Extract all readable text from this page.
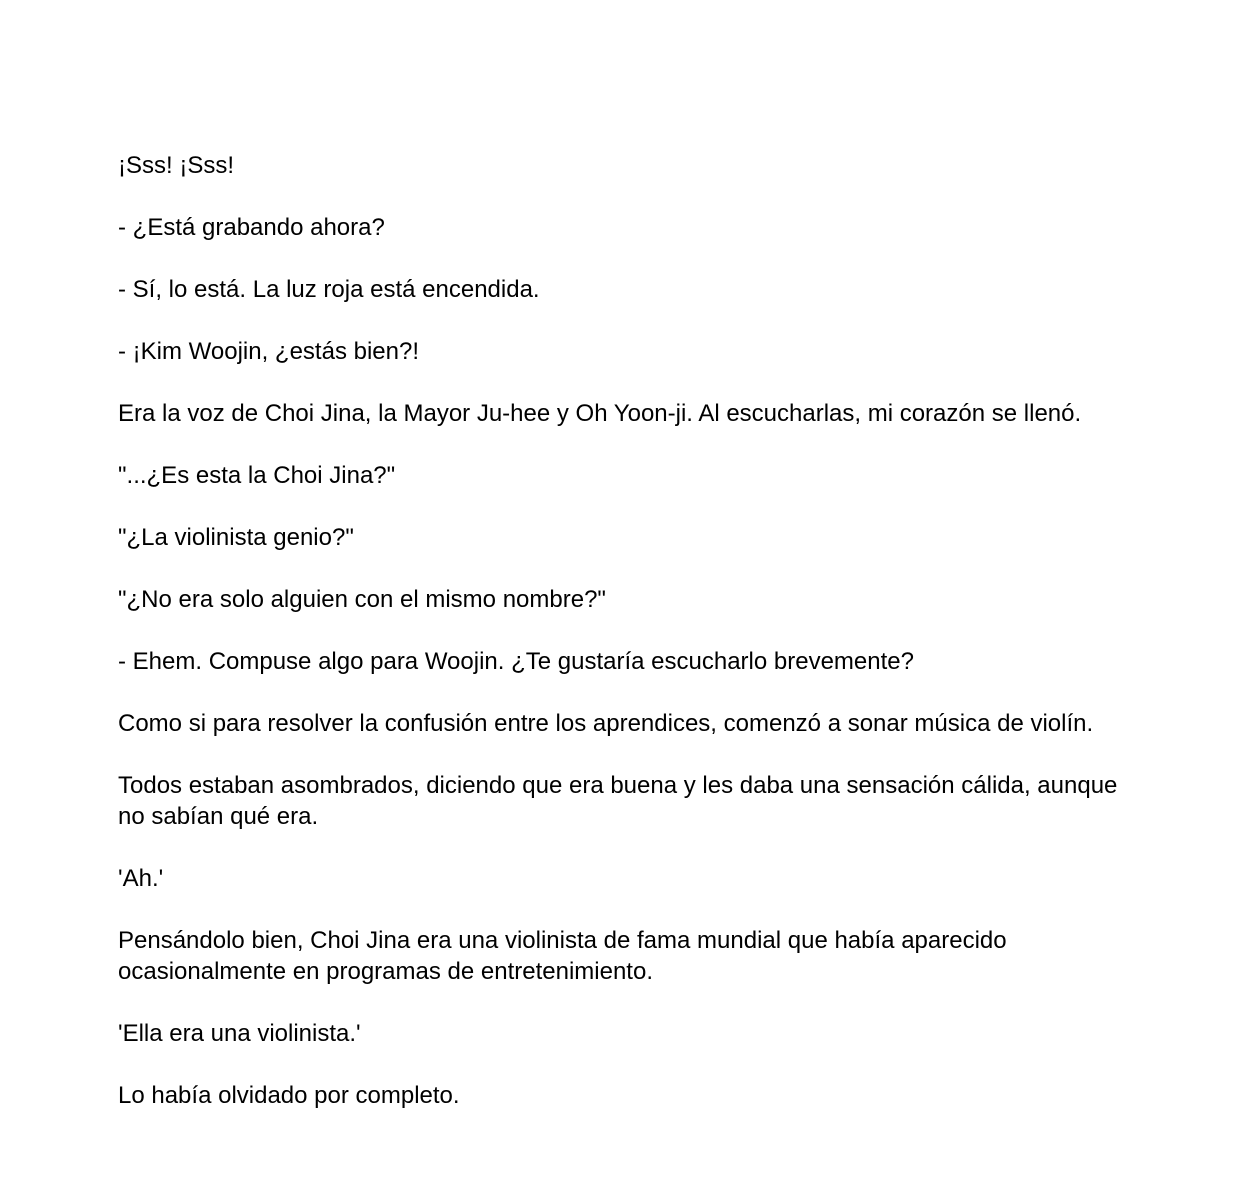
¡Sss! ¡Sss!

- ¿Está grabando ahora?

- Sí, lo está. La luz roja está encendida.

- ¡Kim Woojin, ¿estás bien?!

Era la voz de Choi Jina, la Mayor Ju-hee y Oh Yoon-ji. Al escucharlas, mi corazón se llenó.

"...¿Es esta la Choi Jina?"

"¿La violinista genio?"

"¿No era solo alguien con el mismo nombre?"

- Ehem. Compuse algo para Woojin. ¿Te gustaría escucharlo brevemente?

Como si para resolver la confusión entre los aprendices, comenzó a sonar música de violín.

Todos estaban asombrados, diciendo que era buena y les daba una sensación cálida, aunque no sabían qué era.

'Ah.'

Pensándolo bien, Choi Jina era una violinista de fama mundial que había aparecido ocasionalmente en programas de entretenimiento.

'Ella era una violinista.'

Lo había olvidado por completo.
